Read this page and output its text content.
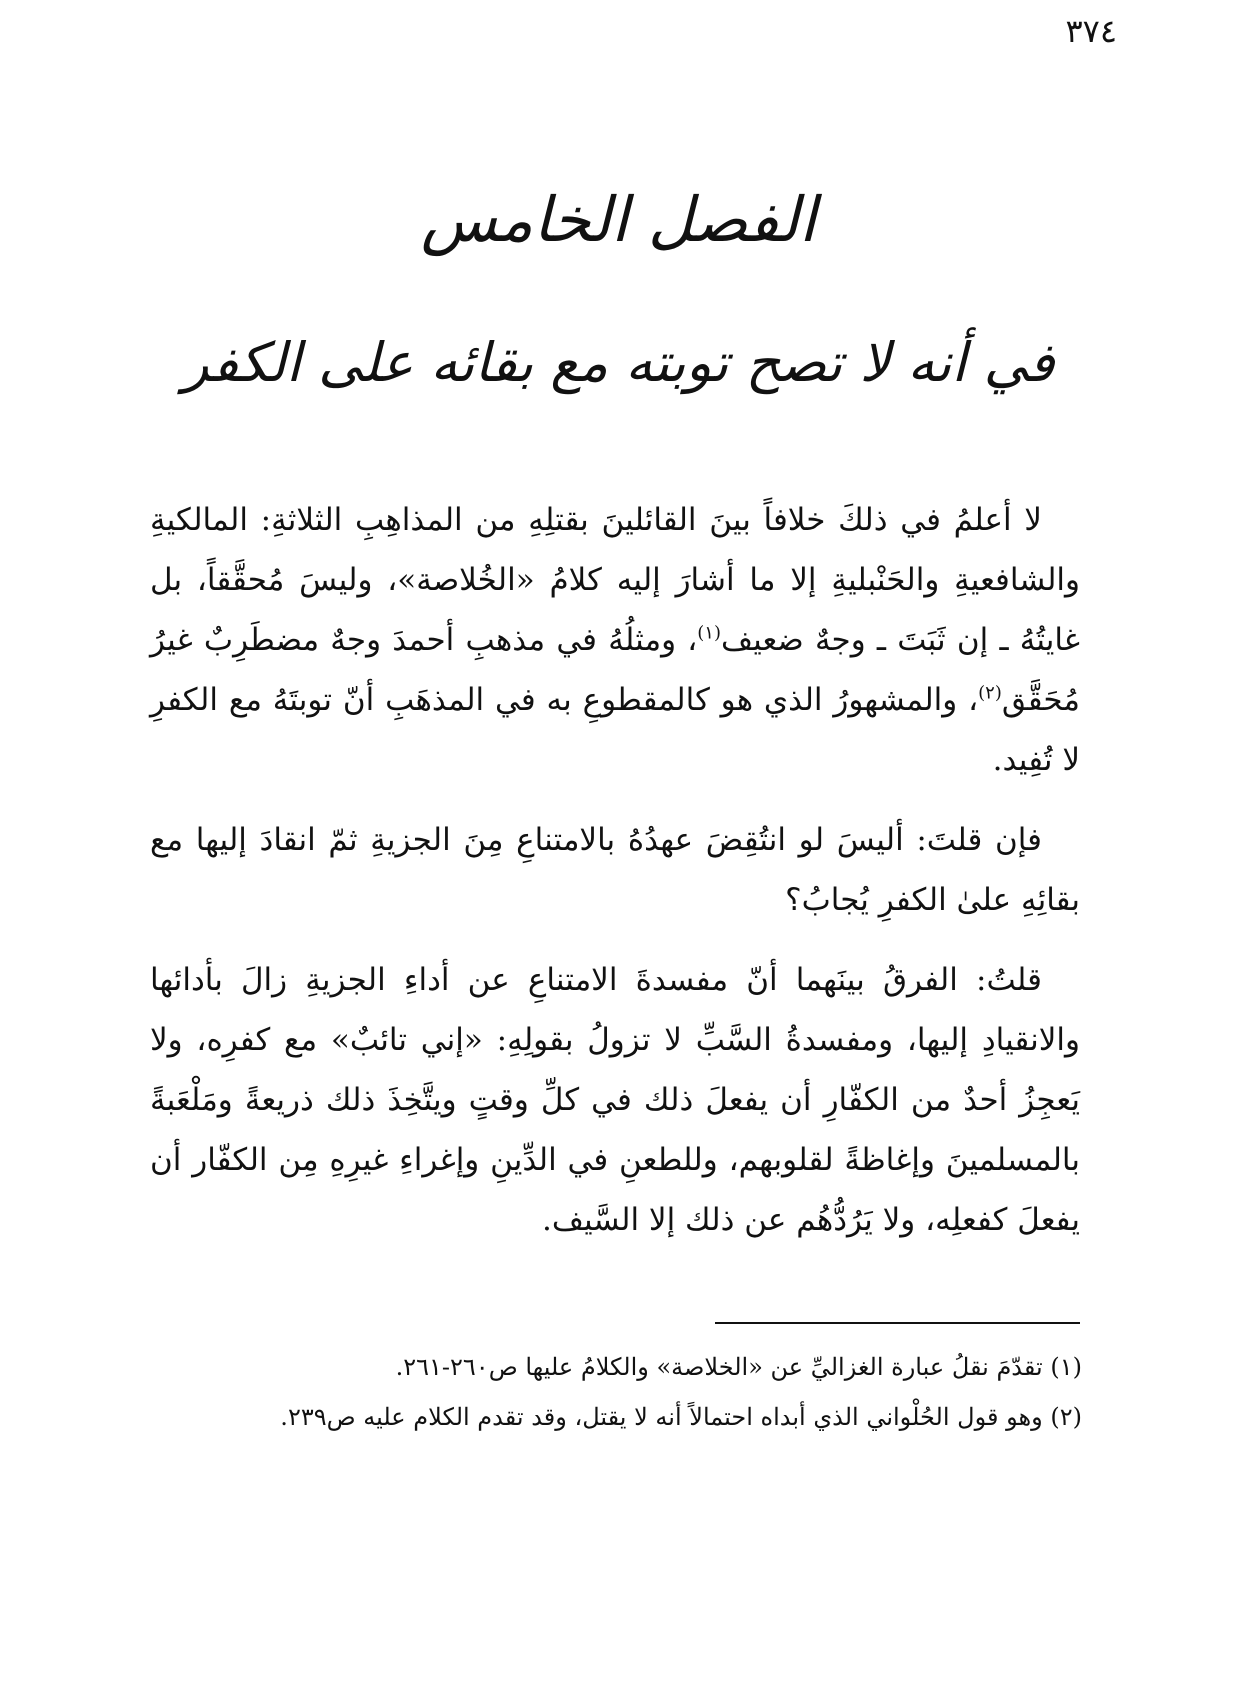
٣٧٤
الفصل الخامس
في أنه لا تصح توبته مع بقائه على الكفر

لا أعلمُ في ذلكَ خلافاً بينَ القائلينَ بقتلِهِ من المذاهِبِ الثلاثةِ: المالكيةِ والشافعيةِ والحَنْبليةِ إلا ما أشارَ إليه كلامُ «الخُلاصة»، وليسَ مُحقَّقاً، بل غايتُهُ ـ إن ثَبَتَ ـ وجهٌ ضعيف$^{(١)}$، ومثلُهُ في مذهبِ أحمدَ وجهٌ مضطَرِبٌ غيرُ مُحَقَّق$^{(٢)}$، والمشهورُ الذي هو كالمقطوعِ به في المذهَبِ أنّ توبتَهُ مع الكفرِ لا تُفِيد.

فإن قلتَ: أليسَ لو انتُقِضَ عهدُهُ بالامتناعِ مِنَ الجزيةِ ثمّ انقادَ إليها مع بقائِهِ علىٰ الكفرِ يُجابُ؟

قلتُ: الفرقُ بينَهما أنّ مفسدةَ الامتناعِ عن أداءِ الجزيةِ زالَ بأدائها والانقيادِ إليها، ومفسدةُ السَّبِّ لا تزولُ بقولِهِ: «إني تائبٌ» مع كفرِه، ولا يَعجِزُ أحدٌ من الكفّارِ أن يفعلَ ذلك في كلِّ وقتٍ ويتَّخِذَ ذلك ذريعةً ومَلْعَبةً بالمسلمينَ وإغاظةً لقلوبهم، وللطعنِ في الدِّينِ وإغراءِ غيرِهِ مِن الكفّار أن يفعلَ كفعلِه، ولا يَرُدُّهُم عن ذلك إلا السَّيف.

(١) تقدّمَ نقلُ عبارة الغزاليِّ عن «الخلاصة» والكلامُ عليها ص٢٦٠-٢٦١.
(٢) وهو قول الحُلْواني الذي أبداه احتمالاً أنه لا يقتل، وقد تقدم الكلام عليه ص٢٣٩.
